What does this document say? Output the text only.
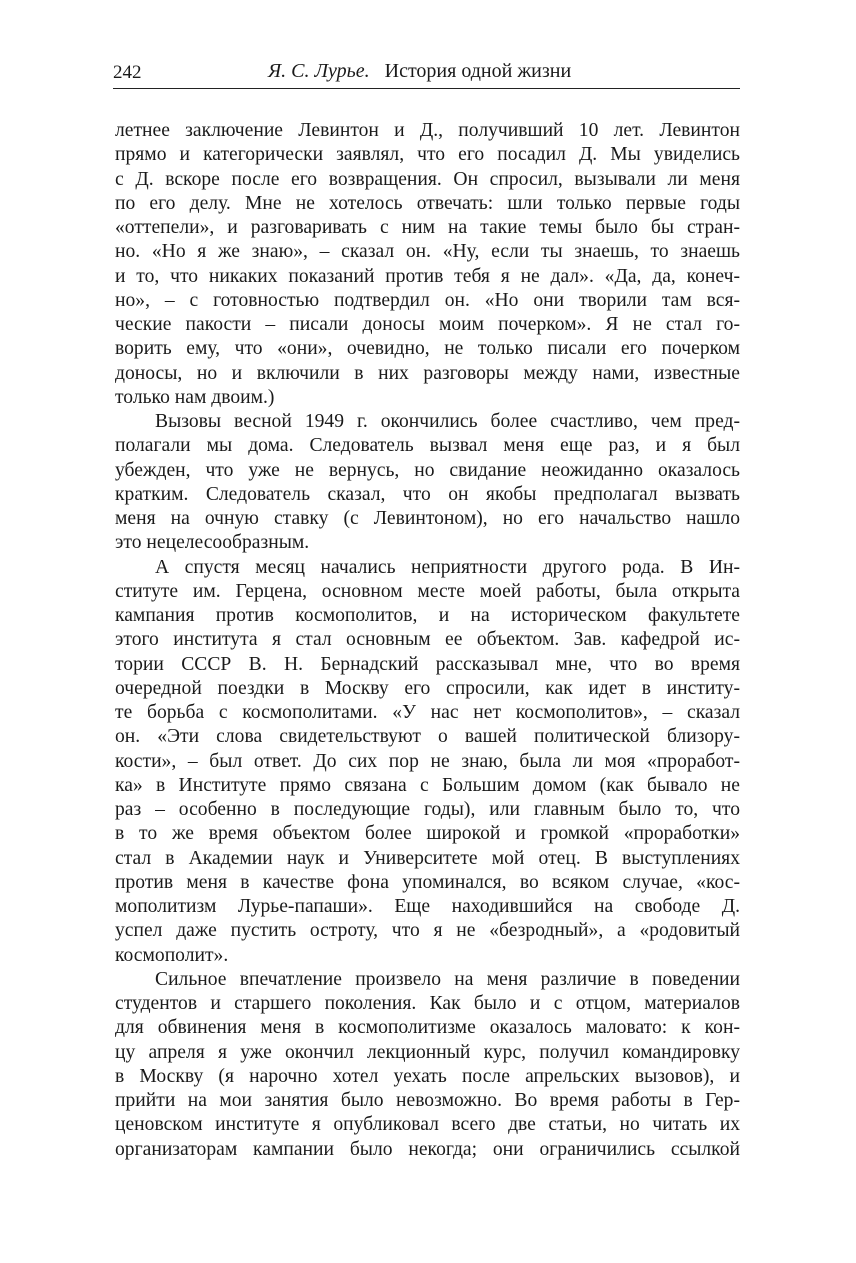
242	Я. С. Лурье. История одной жизни
летнее заключение Левинтон и Д., получивший 10 лет. Левинтон
прямо и категорически заявлял, что его посадил Д. Мы увиделись
с Д. вскоре после его возвращения. Он спросил, вызывали ли меня
по его делу. Мне не хотелось отвечать: шли только первые годы
«оттепели», и разговаривать с ним на такие темы было бы стран-
но. «Но я же знаю», – сказал он. «Ну, если ты знаешь, то знаешь
и то, что никаких показаний против тебя я не дал». «Да, да, конеч-
но», – с готовностью подтвердил он. «Но они творили там вся-
ческие пакости – писали доносы моим почерком». Я не стал го-
ворить ему, что «они», очевидно, не только писали его почерком
доносы, но и включили в них разговоры между нами, известные
только нам двоим.)
Вызовы весной 1949 г. окончились более счастливо, чем пред-
полагали мы дома. Следователь вызвал меня еще раз, и я был
убежден, что уже не вернусь, но свидание неожиданно оказалось
кратким. Следователь сказал, что он якобы предполагал вызвать
меня на очную ставку (с Левинтоном), но его начальство нашло
это нецелесообразным.
А спустя месяц начались неприятности другого рода. В Ин-
ституте им. Герцена, основном месте моей работы, была открыта
кампания против космополитов, и на историческом факультете
этого института я стал основным ее объектом. Зав. кафедрой ис-
тории СССР В. Н. Бернадский рассказывал мне, что во время
очередной поездки в Москву его спросили, как идет в институ-
те борьба с космополитами. «У нас нет космополитов», – сказал
он. «Эти слова свидетельствуют о вашей политической близору-
кости», – был ответ. До сих пор не знаю, была ли моя «проработ-
ка» в Институте прямо связана с Большим домом (как бывало не
раз – особенно в последующие годы), или главным было то, что
в то же время объектом более широкой и громкой «проработки»
стал в Академии наук и Университете мой отец. В выступлениях
против меня в качестве фона упоминался, во всяком случае, «кос-
мополитизм Лурье-папаши». Еще находившийся на свободе Д.
успел даже пустить остроту, что я не «безродный», а «родовитый
космополит».
Сильное впечатление произвело на меня различие в поведении
студентов и старшего поколения. Как было и с отцом, материалов
для обвинения меня в космополитизме оказалось маловато: к кон-
цу апреля я уже окончил лекционный курс, получил командировку
в Москву (я нарочно хотел уехать после апрельских вызовов), и
прийти на мои занятия было невозможно. Во время работы в Гер-
ценовском институте я опубликовал всего две статьи, но читать их
организаторам кампании было некогда; они ограничились ссылкой
